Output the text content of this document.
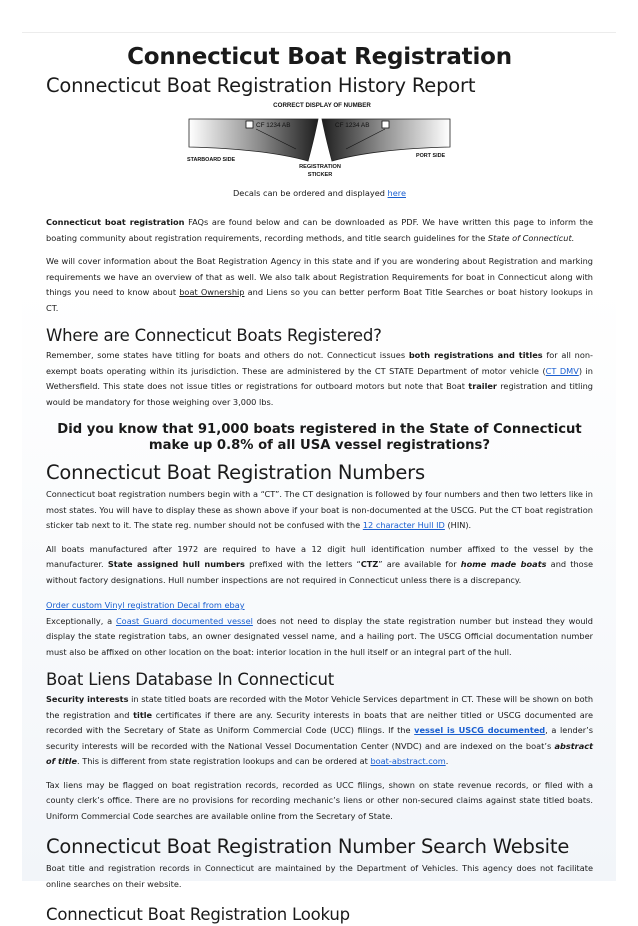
Connecticut Boat Registration
Connecticut Boat Registration History Report
CORRECT DISPLAY OF NUMBER
CF 1234 AB	CF 1234 AB
STARBOARD SIDE
PORT SIDE
REGISTRATION
STICKER
Decals can be ordered and displayed here

Connecticut boat registration FAQs are found below and can be downloaded as PDF. We have written this page to inform the boating community about registration requirements, recording methods, and title search guidelines for the State of Connecticut.

We will cover information about the Boat Registration Agency in this state and if you are wondering about Registration and marking requirements we have an overview of that as well. We also talk about Registration Requirements for boat in Connecticut along with things you need to know about boat Ownership and Liens so you can better perform Boat Title Searches or boat history lookups in CT.

Where are Connecticut Boats Registered?

Remember, some states have titling for boats and others do not. Connecticut issues both registrations and titles for all non-exempt boats operating within its jurisdiction. These are administered by the CT STATE Department of motor vehicle (CT DMV) in Wethersfield. This state does not issue titles or registrations for outboard motors but note that Boat trailer registration and titling would be mandatory for those weighing over 3,000 lbs.

Did you know that 91,000 boats registered in the State of Connecticut make up 0.8% of all USA vessel registrations?
Connecticut Boat Registration Numbers

Connecticut boat registration numbers begin with a “CT”. The CT designation is followed by four numbers and then two letters like in most states. You will have to display these as shown above if your boat is non-documented at the USCG. Put the CT boat registration sticker tab next to it. The state reg. number should not be confused with the 12 character Hull ID (HIN).

All boats manufactured after 1972 are required to have a 12 digit hull identification number affixed to the vessel by the manufacturer. State assigned hull numbers prefixed with the letters “CTZ” are available for home made boats and those without factory designations. Hull number inspections are not required in Connecticut unless there is a discrepancy.

Order custom Vinyl registration Decal from ebay

Exceptionally, a Coast Guard documented vessel does not need to display the state registration number but instead they would display the state registration tabs, an owner designated vessel name, and a hailing port. The USCG Official documentation number must also be affixed on other location on the boat: interior location in the hull itself or an integral part of the hull.

Boat Liens Database In Connecticut

Security interests in state titled boats are recorded with the Motor Vehicle Services department in CT. These will be shown on both the registration and title certificates if there are any. Security interests in boats that are neither titled or USCG documented are recorded with the Secretary of State as Uniform Commercial Code (UCC) filings. If the vessel is USCG documented, a lender’s security interests will be recorded with the National Vessel Documentation Center (NVDC) and are indexed on the boat’s abstract of title. This is different from state registration lookups and can be ordered at boat-abstract.com.

Tax liens may be flagged on boat registration records, recorded as UCC filings, shown on state revenue records, or filed with a county clerk’s office. There are no provisions for recording mechanic’s liens or other non-secured claims against state titled boats. Uniform Commercial Code searches are available online from the Secretary of State.

Connecticut Boat Registration Number Search Website

Boat title and registration records in Connecticut are maintained by the Department of Vehicles. This agency does not facilitate online searches on their website.

Connecticut Boat Registration Lookup
